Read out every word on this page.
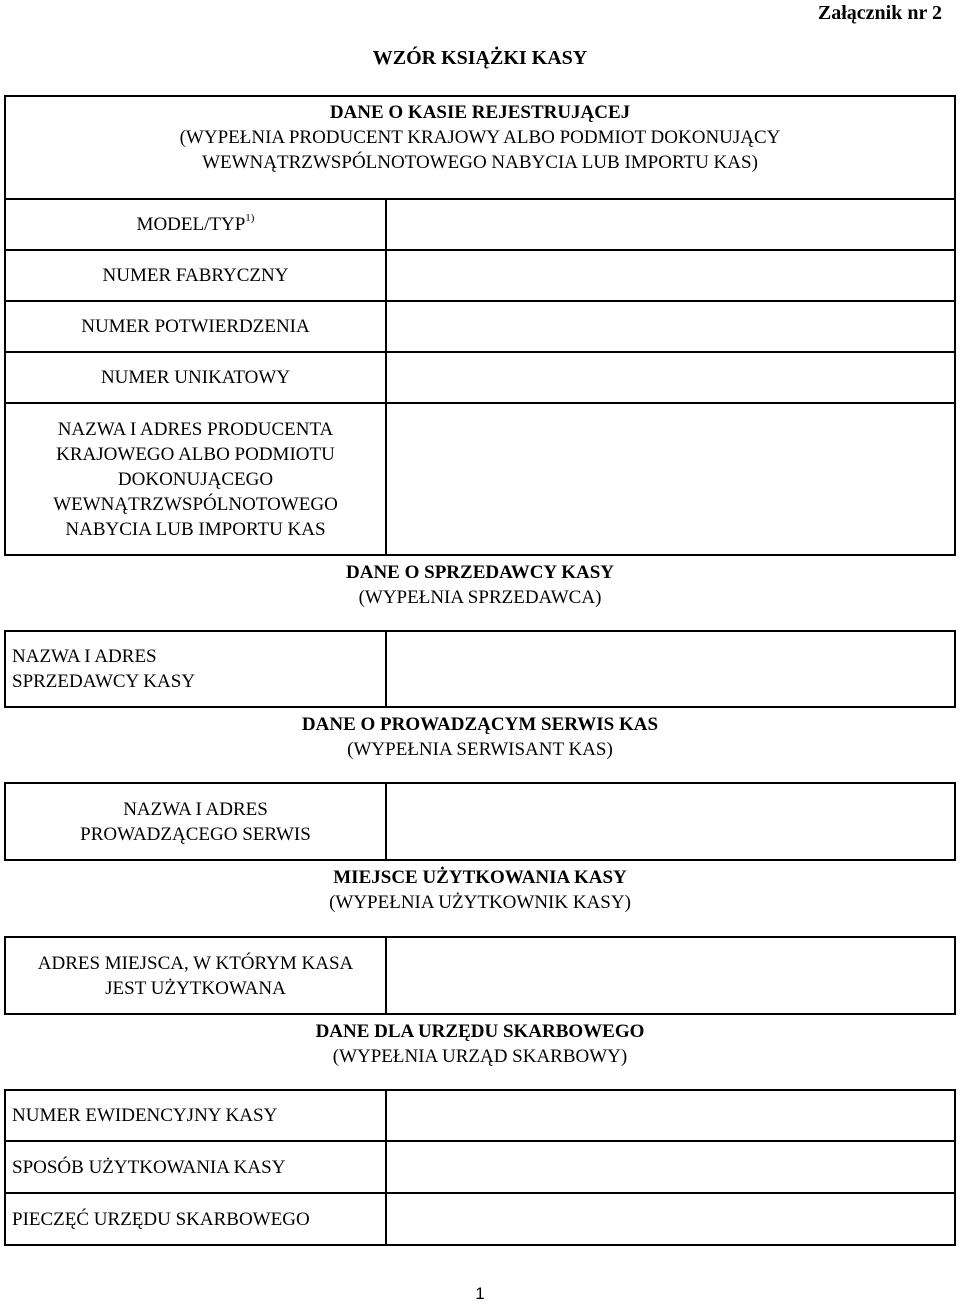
Załącznik nr 2
WZÓR KSIĄŻKI KASY
DANE O KASIE REJESTRUJĄCEJ
(WYPEŁNIA PRODUCENT KRAJOWY ALBO PODMIOT DOKONUJĄCY
WEWNĄTRZWSPÓLNOTOWEGO NABYCIA LUB IMPORTU KAS)	

MODEL/TYP$^{1)}$	
NUMER FABRYCZNY	
NUMER POTWIERDZENIA	
NUMER UNIKATOWY	

NAZWA I ADRES PRODUCENTA
KRAJOWEGO ALBO PODMIOTU
DOKONUJĄCEGO
WEWNĄTRZWSPÓLNOTOWEGO
NABYCIA LUB IMPORTU KAS	

DANE O SPRZEDAWCY KASY
(WYPEŁNIA SPRZEDAWCA)	

NAZWA I ADRES
SPRZEDAWCY KASY	

DANE O PROWADZĄCYM SERWIS KAS
(WYPEŁNIA SERWISANT KAS)	

NAZWA I ADRES
PROWADZĄCEGO SERWIS	

MIEJSCE UŻYTKOWANIA KASY
(WYPEŁNIA UŻYTKOWNIK KASY)	

ADRES MIEJSCA, W KTÓRYM KASA
JEST UŻYTKOWANA	

DANE DLA URZĘDU SKARBOWEGO
(WYPEŁNIA URZĄD SKARBOWY)	

NUMER EWIDENCYJNY KASY	
SPOSÓB UŻYTKOWANIA KASY	
PIECZĘĆ URZĘDU SKARBOWEGO	
1
